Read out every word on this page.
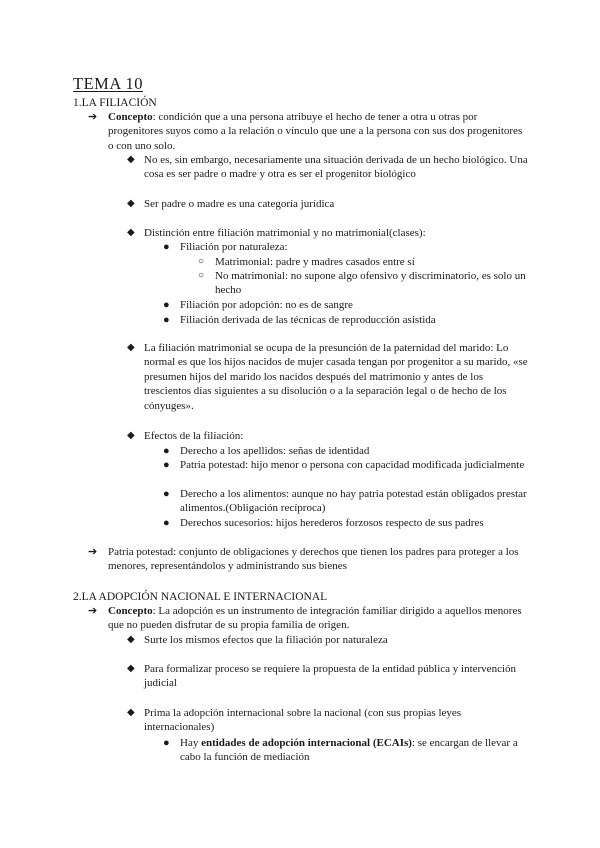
TEMA 10
1.LA FILIACIÓN
➔ Concepto: condición que a una persona atribuye el hecho de tener a otra u otras por progenitores suyos como a la relación o vínculo que une a la persona con sus dos progenitores o con uno solo.
◆ No es, sin embargo, necesariamente una situación derivada de un hecho biológico. Una cosa es ser padre o madre y otra es ser el progenitor biológico
◆ Ser padre o madre es una categoría jurídica
◆ Distinción entre filiación matrimonial y no matrimonial(clases):
● Filiación por naturaleza:
○ Matrimonial: padre y madres casados entre sí
○ No matrimonial: no supone algo ofensivo y discriminatorio, es solo un hecho
● Filiación por adopción: no es de sangre
● Filiación derivada de las técnicas de reproducción asistida
◆ La filiación matrimonial se ocupa de la presunción de la paternidad del marido: Lo normal es que los hijos nacidos de mujer casada tengan por progenitor a su marido, «se presumen hijos del marido los nacidos después del matrimonio y antes de los trescientos días siguientes a su disolución o a la separación legal o de hecho de los cónyuges».
◆ Efectos de la filiación:
● Derecho a los apellidos: señas de identidad
● Patria potestad: hijo menor o persona con capacidad modificada judicialmente
● Derecho a los alimentos: aunque no hay patria potestad están obligados prestar alimentos.(Obligación recíproca)
● Derechos sucesorios: hijos herederos forzosos respecto de sus padres
➔ Patria potestad: conjunto de obligaciones y derechos que tienen los padres para proteger a los menores, representándolos y administrando sus bienes
2.LA ADOPCIÓN NACIONAL E INTERNACIONAL
➔ Concepto: La adopción es un instrumento de integración familiar dirigido a aquellos menores que no pueden disfrutar de su propia familia de origen.
◆ Surte los mismos efectos que la filiación por naturaleza
◆ Para formalizar proceso se requiere la propuesta de la entidad pública y intervención judicial
◆ Prima la adopción internacional sobre la nacional (con sus propias leyes internacionales)
● Hay entidades de adopción internacional (ECAIs): se encargan de llevar a cabo la función de mediación
